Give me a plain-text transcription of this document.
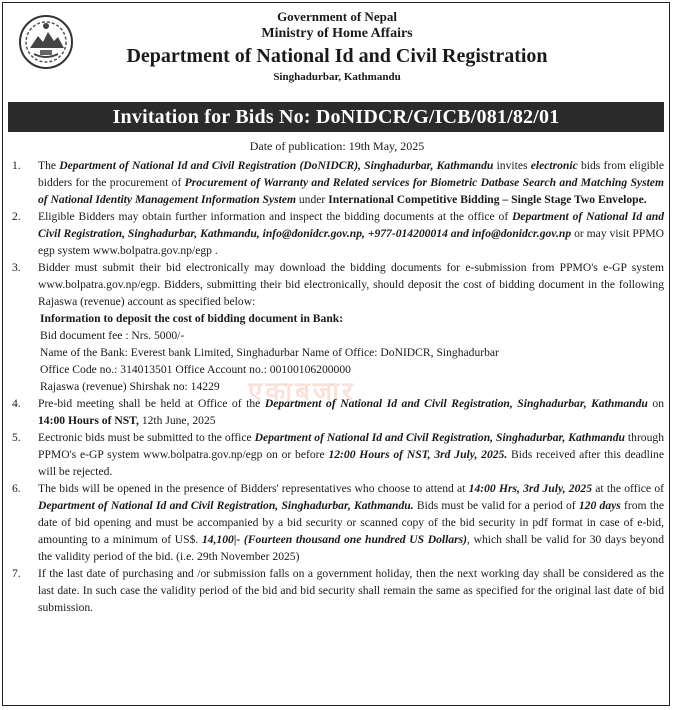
Government of Nepal
Ministry of Home Affairs
Department of National Id and Civil Registration
Singhadurbar, Kathmandu
Invitation for Bids No: DoNIDCR/G/ICB/081/82/01
Date of publication: 19th May, 2025
एकाबजार
1. The Department of National Id and Civil Registration (DoNIDCR), Singhadurbar, Kathmandu invites electronic bids from eligible bidders for the procurement of Procurement of Warranty and Related services for Biometric Datbase Search and Matching System of National Identity Management Information System under International Competitive Bidding – Single Stage Two Envelope.

2. Eligible Bidders may obtain further information and inspect the bidding documents at the office of Department of National Id and Civil Registration, Singhadurbar, Kathmandu, info@donidcr.gov.np, +977-014200014 and info@donidcr.gov.np or may visit PPMO egp system www.bolpatra.gov.np/egp .

3. Bidder must submit their bid electronically may download the bidding documents for e-submission from PPMO's e-GP system www.bolpatra.gov.np/egp. Bidders, submitting their bid electronically, should deposit the cost of bidding document in the following Rajaswa (revenue) account as specified below:

Information to deposit the cost of bidding document in Bank:

Bid document fee : Nrs. 5000/-

Name of the Bank: Everest bank Limited, Singhadurbar Name of Office: DoNIDCR, Singhadurbar

Office Code no.: 314013501 Office Account no.: 00100106200000

Rajaswa (revenue) Shirshak no: 14229

4. Pre-bid meeting shall be held at Office of the Department of National Id and Civil Registration, Singhadurbar, Kathmandu on 14:00 Hours of NST, 12th June, 2025

5. Eectronic bids must be submitted to the office Department of National Id and Civil Registration, Singhadurbar, Kathmandu through PPMO's e-GP system www.bolpatra.gov.np/egp on or before 12:00 Hours of NST, 3rd July, 2025. Bids received after this deadline will be rejected.

6. The bids will be opened in the presence of Bidders' representatives who choose to attend at 14:00 Hrs, 3rd July, 2025 at the office of Department of National Id and Civil Registration, Singhadurbar, Kathmandu. Bids must be valid for a period of 120 days from the date of bid opening and must be accompanied by a bid security or scanned copy of the bid security in pdf format in case of e-bid, amounting to a minimum of US$. 14,100|- (Fourteen thousand one hundred US Dollars), which shall be valid for 30 days beyond the validity period of the bid. (i.e. 29th November 2025)

7. If the last date of purchasing and /or submission falls on a government holiday, then the next working day shall be considered as the last date. In such case the validity period of the bid and bid security shall remain the same as specified for the original last date of bid submission.
